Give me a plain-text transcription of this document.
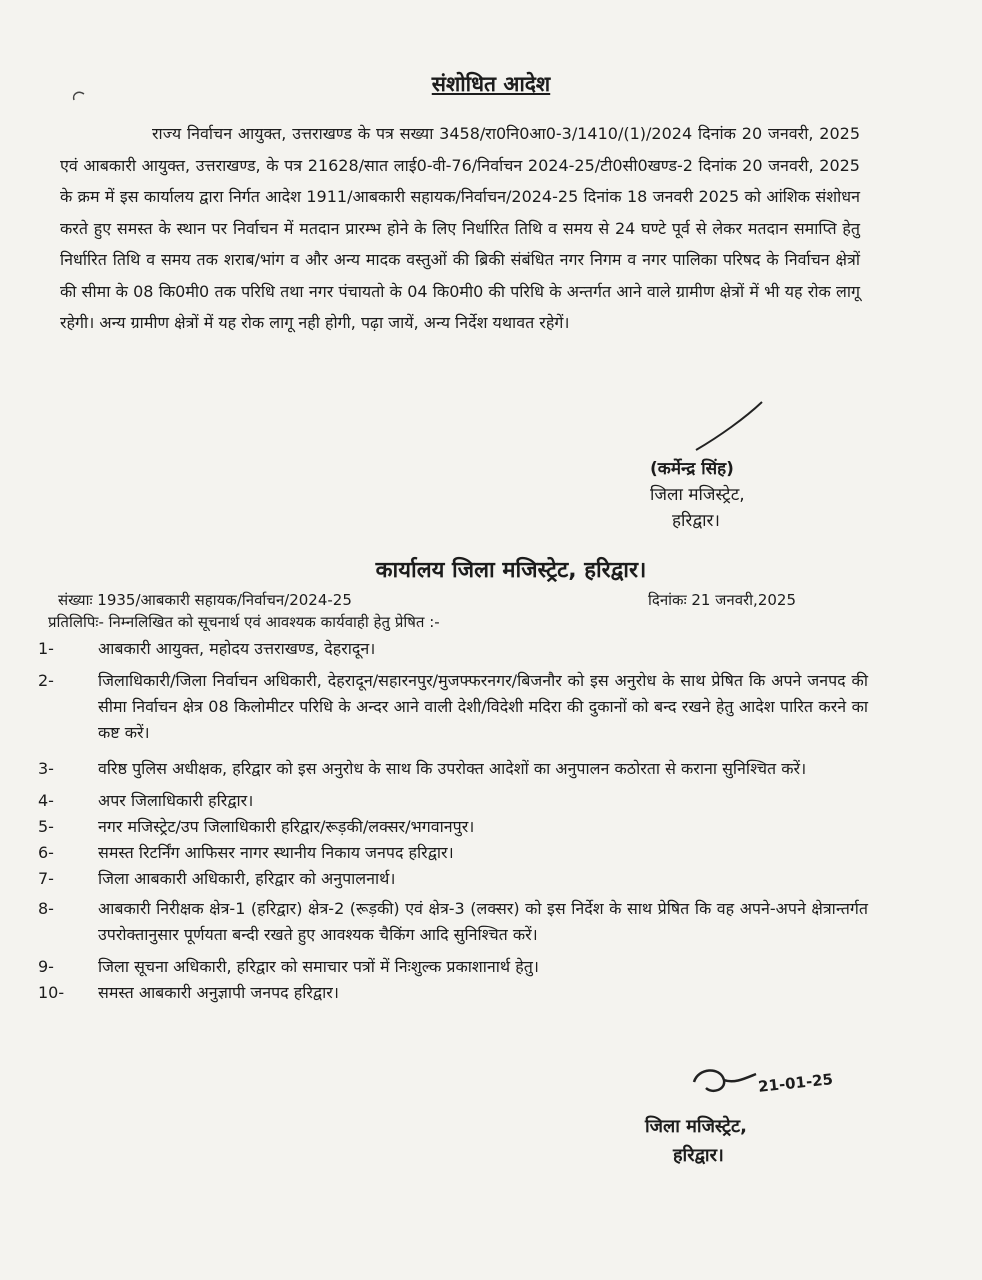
संशोधित आदेश
राज्य निर्वाचन आयुक्त, उत्तराखण्ड के पत्र सख्या 3458/रा0नि0आ0-3/1410/(1)/2024 दिनांक 20 जनवरी, 2025 एवं आबकारी आयुक्त, उत्तराखण्ड, के पत्र 21628/सात लाई0-वी-76/निर्वाचन 2024-25/टी0सी0खण्ड-2 दिनांक 20 जनवरी, 2025 के क्रम में इस कार्यालय द्वारा निर्गत आदेश 1911/आबकारी सहायक/निर्वाचन/2024-25 दिनांक 18 जनवरी 2025 को आंशिक संशोधन करते हुए समस्त के स्थान पर निर्वाचन में मतदान प्रारम्भ होने के लिए निर्धारित तिथि व समय से 24 घण्टे पूर्व से लेकर मतदान समाप्ति हेतु निर्धारित तिथि व समय तक शराब/भांग व और अन्य मादक वस्तुओं की ब्रिकी संबंधित नगर निगम व नगर पालिका परिषद के निर्वाचन क्षेत्रों की सीमा के 08 कि0मी0 तक परिधि तथा नगर पंचायतो के 04 कि0मी0 की परिधि के अन्तर्गत आने वाले ग्रामीण क्षेत्रों में भी यह रोक लागू रहेगी। अन्य ग्रामीण क्षेत्रों में यह रोक लागू नही होगी, पढ़ा जायें, अन्य निर्देश यथावत रहेगें।
(कर्मेन्द्र सिंह)
जिला मजिस्ट्रेट,
हरिद्वार।
कार्यालय जिला मजिस्ट्रेट, हरिद्वार।
संख्याः 1935/आबकारी सहायक/निर्वाचन/2024-25	दिनांकः 21 जनवरी,2025
प्रतिलिपिः- निम्नलिखित को सूचनार्थ एवं आवश्यक कार्यवाही हेतु प्रेषित :-
1-	आबकारी आयुक्त, महोदय उत्तराखण्ड, देहरादून।
2-	जिलाधिकारी/जिला निर्वाचन अधिकारी, देहरादून/सहारनपुर/मुजफ्फरनगर/बिजनौर को इस अनुरोध के साथ प्रेषित कि अपने जनपद की सीमा निर्वाचन क्षेत्र 08 किलोमीटर परिधि के अन्दर आने वाली देशी/विदेशी मदिरा की दुकानों को बन्द रखने हेतु आदेश पारित करने का कष्ट करें।
3-	वरिष्ठ पुलिस अधीक्षक, हरिद्वार को इस अनुरोध के साथ कि उपरोक्त आदेशों का अनुपालन कठोरता से कराना सुनिश्चित करें।
4-	अपर जिलाधिकारी हरिद्वार।
5-	नगर मजिस्ट्रेट/उप जिलाधिकारी हरिद्वार/रूड़की/लक्सर/भगवानपुर।
6-	समस्त रिटर्निंग आफिसर नागर स्थानीय निकाय जनपद हरिद्वार।
7-	जिला आबकारी अधिकारी, हरिद्वार को अनुपालनार्थ।
8-	आबकारी निरीक्षक क्षेत्र-1 (हरिद्वार) क्षेत्र-2 (रूड़की) एवं क्षेत्र-3 (लक्सर) को इस निर्देश के साथ प्रेषित कि वह अपने-अपने क्षेत्रान्तर्गत उपरोक्तानुसार पूर्णयता बन्दी रखते हुए आवश्यक चैकिंग आदि सुनिश्चित करें।
9-	जिला सूचना अधिकारी, हरिद्वार को समाचार पत्रों में निःशुल्क प्रकाशानार्थ हेतु।
10-	समस्त आबकारी अनुज्ञापी जनपद हरिद्वार।
21-01-25
जिला मजिस्ट्रेट,
हरिद्वार।
